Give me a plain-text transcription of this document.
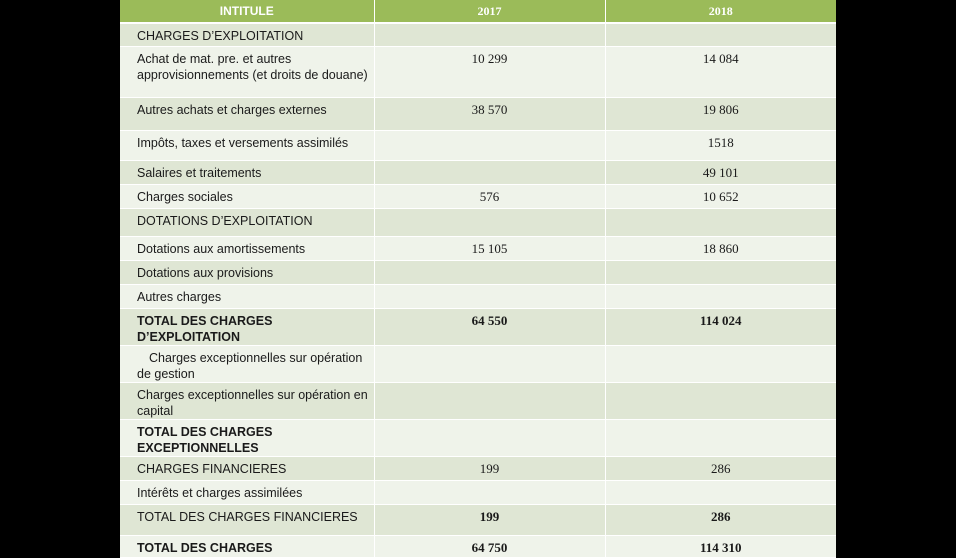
INTITULE	2017	2018
CHARGES D’EXPLOITATION		
Achat de mat. pre. et autres approvisionnements (et droits de douane)	10 299	14 084
Autres achats et charges externes	38 570	19 806
Impôts, taxes et versements assimilés		1518
Salaires et traitements		49 101
Charges sociales	576	10 652
DOTATIONS D’EXPLOITATION		
Dotations aux amortissements	15 105	18 860
Dotations aux provisions		
Autres charges		
TOTAL DES CHARGES D’EXPLOITATION	64 550	114 024
Charges exceptionnelles sur opération de gestion		
Charges exceptionnelles sur opération en capital		
TOTAL DES CHARGES EXCEPTIONNELLES		
CHARGES FINANCIERES	199	286
Intérêts et charges assimilées		
TOTAL DES CHARGES FINANCIERES	199	286
TOTAL DES CHARGES	64 750	114 310
